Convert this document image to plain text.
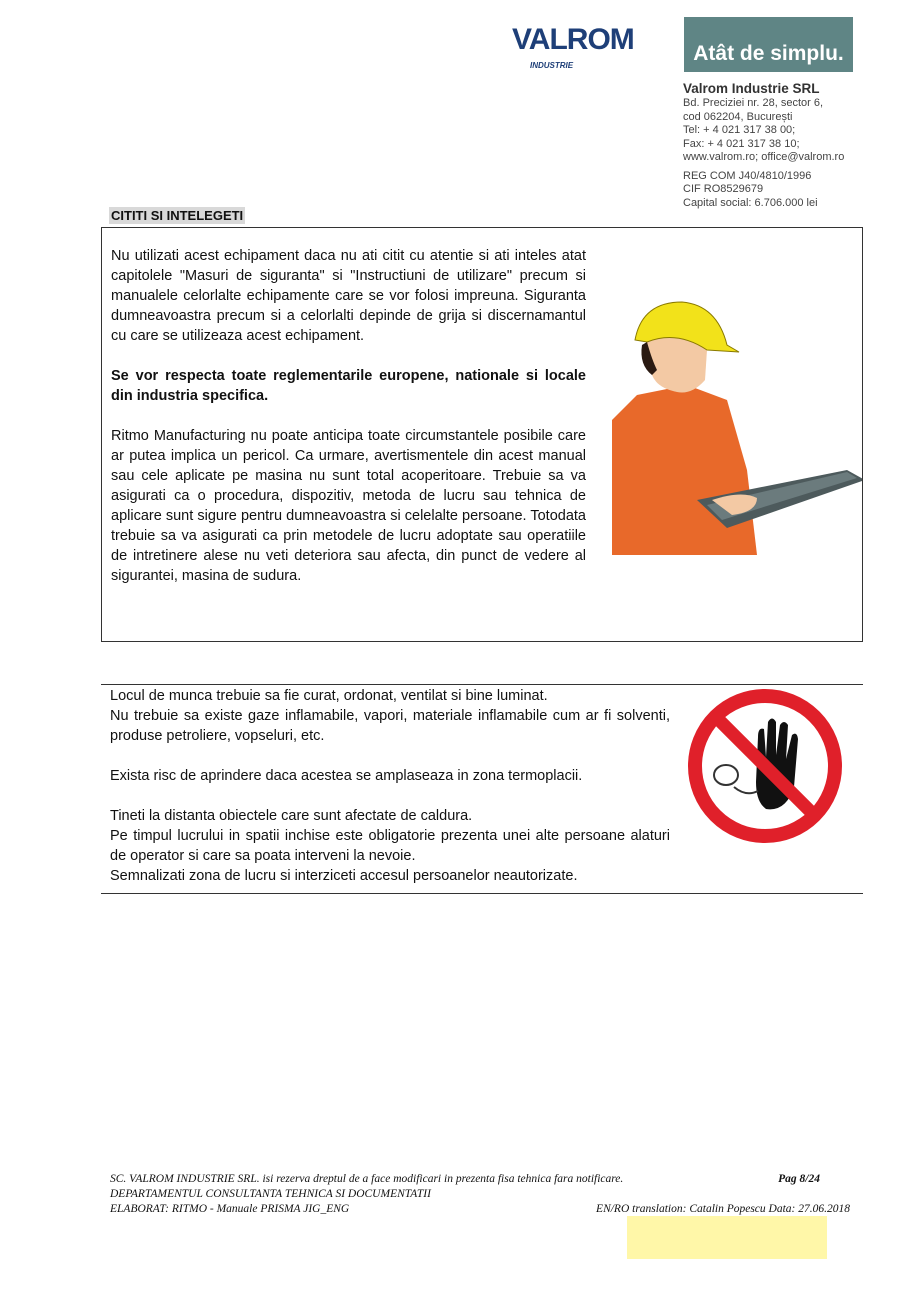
VALROM
INDUSTRIE
Atât de simplu.
Valrom Industrie SRL
Bd. Preciziei nr. 28, sector 6,
cod 062204, București
Tel: + 4 021 317 38 00;
Fax: + 4 021 317 38 10;
www.valrom.ro; office@valrom.ro
REG COM J40/4810/1996
CIF RO8529679
Capital social: 6.706.000 lei
CITITI SI INTELEGETI

Nu utilizati acest echipament daca nu ati citit cu atentie si ati inteles atat capitolele "Masuri de siguranta" si "Instructiuni de utilizare" precum si manualele celorlalte echipamente care se vor folosi impreuna. Siguranta dumneavoastra precum si a celorlalti depinde de grija si discernamantul cu care se utilizeaza acest echipament.

Se vor respecta toate reglementarile europene, nationale si locale din industria specifica.

Ritmo Manufacturing nu poate anticipa toate circumstantele posibile care ar putea implica un pericol. Ca urmare, avertismentele din acest manual sau cele aplicate pe masina nu sunt total acoperitoare. Trebuie sa va asigurati ca o procedura, dispozitiv, metoda de lucru sau tehnica de aplicare sunt sigure pentru dumneavoastra si celelalte persoane. Totodata trebuie sa va asigurati ca prin metodele de lucru adoptate sau operatiile de intretinere alese nu veti deteriora sau afecta, din punct de vedere al sigurantei, masina de sudura.

Locul de munca trebuie sa fie curat, ordonat, ventilat si bine luminat.
Nu trebuie sa existe gaze inflamabile, vapori, materiale inflamabile cum ar fi solventi, produse petroliere, vopseluri, etc.
Exista risc de aprindere daca acestea se amplaseaza in zona termoplacii.
Tineti la distanta obiectele care sunt afectate de caldura.
Pe timpul lucrului in spatii inchise este obligatorie prezenta unei alte persoane alaturi de operator si care sa poata interveni la nevoie.
Semnalizati zona de lucru si interziceti accesul persoanelor neautorizate.
SC. VALROM INDUSTRIE SRL. isi rezerva dreptul de a face modificari in prezenta fisa tehnica fara notificare.	Pag 8/24
DEPARTAMENTUL CONSULTANTA TEHNICA SI DOCUMENTATII
ELABORAT: RITMO - Manuale PRISMA JIG_ENG	EN/RO translation: Catalin Popescu Data: 27.06.2018
